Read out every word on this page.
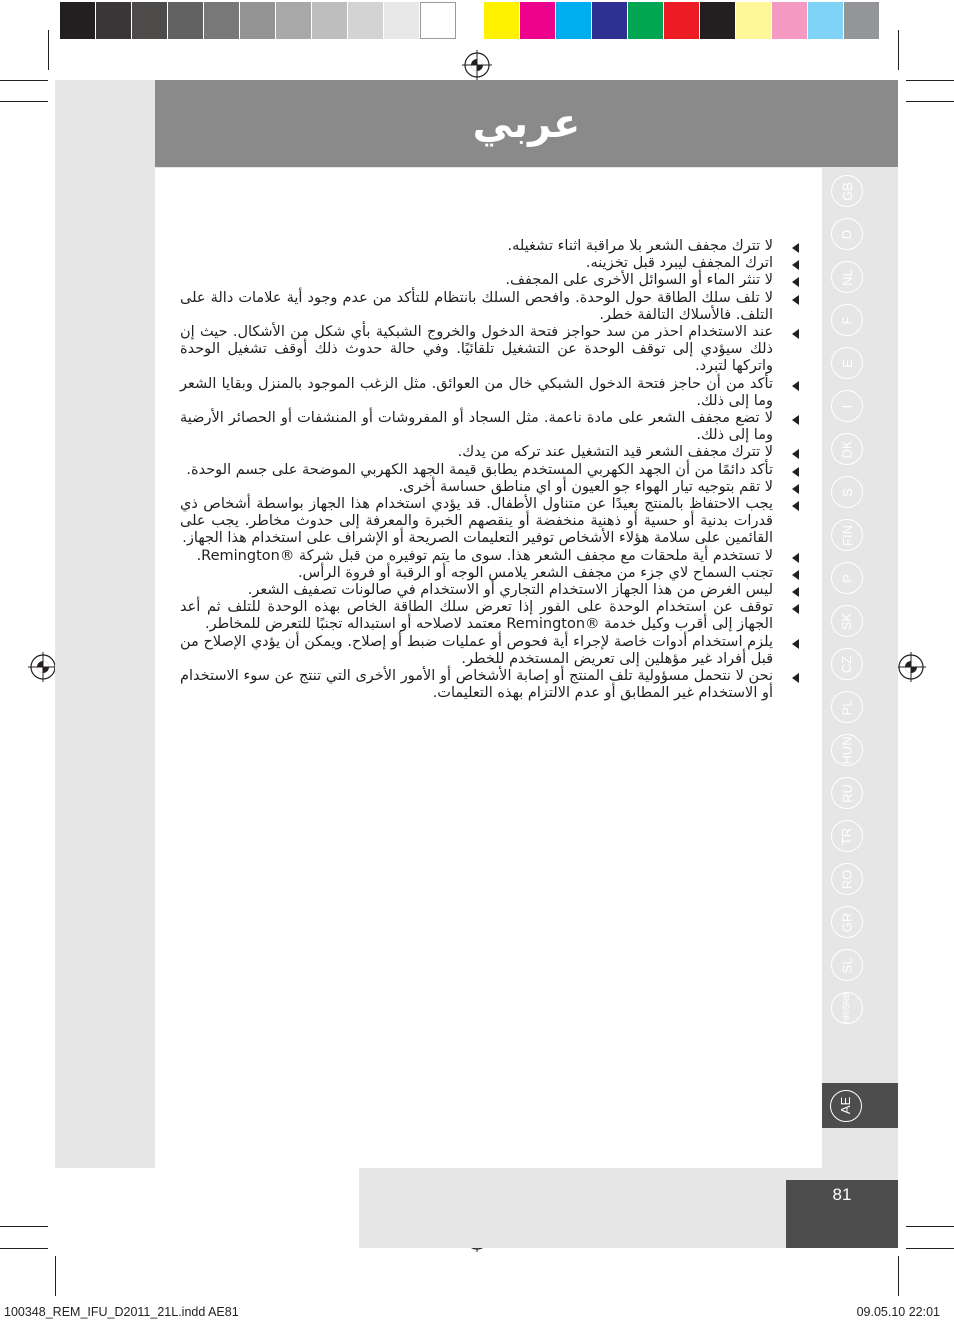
عربي
GB
D
NL
F
E
I
DK
S
FIN
P
SK
CZ
PL
HUN
RU
TR
RO
GR
SL
HR/SRB
AE
81
لا تترك مجفف الشعر بلا مراقبة اثناء تشغيله.
اترك المجفف ليبرد قبل تخزينه.
لا تنثر الماء أو السوائل الأخرى على المجفف.
لا تلف سلك الطاقة حول الوحدة. وافحص السلك بانتظام للتأكد من عدم وجود أية علامات دالة على التلف. فالأسلاك التالفة خطر.
عند الاستخدام احذر من سد حواجز فتحة الدخول والخروج الشبكية بأي شكل من الأشكال. حيث إن ذلك سيؤدي إلى توقف الوحدة عن التشغيل تلقائيًا. وفي حالة حدوث ذلك أوقف تشغيل الوحدة واتركها لتبرد.
تأكد من أن حاجز فتحة الدخول الشبكي خال من العوائق. مثل الزغب الموجود بالمنزل وبقايا الشعر وما إلى ذلك.
لا تضع مجفف الشعر على مادة ناعمة. مثل السجاد أو المفروشات أو المنشفات أو الحصائر الأرضية وما إلى ذلك.
لا تترك مجفف الشعر قيد التشغيل عند تركه من يدك.
تأكد دائمًا من أن الجهد الكهربي المستخدم يطابق قيمة الجهد الكهربي الموضحة على جسم الوحدة.
لا تقم بتوجيه تيار الهواء جو العيون أو اي مناطق حساسة أخرى.
يجب الاحتفاظ بالمنتج بعيدًا عن متناول الأطفال. قد يؤدي استخدام هذا الجهاز بواسطة أشخاص ذي قدرات بدنية أو حسية أو ذهنية منخفضة أو ينقصهم الخبرة والمعرفة إلى حدوث مخاطر. يجب على القائمين على سلامة هؤلاء الأشخاص توفير التعليمات الصريحة أو الإشراف على استخدام هذا الجهاز.
لا تستخدم أية ملحقات مع مجفف الشعر هذا. سوى ما يتم توفيره من قبل شركة ®Remington.
تجنب السماح لاي جزء من مجفف الشعر يلامس الوجه أو الرقبة أو فروة الرأس.
ليس الغرض من هذا الجهاز الاستخدام التجاري أو الاستخدام في صالونات تصفيف الشعر.
توقف عن استخدام الوحدة على الفور إذا تعرض سلك الطاقة الخاص بهذه الوحدة للتلف ثم أعد الجهاز إلى أقرب وكيل خدمة ®Remington معتمد لاصلاحه أو استبداله تجنبًا للتعرض للمخاطر.
يلزم استخدام أدوات خاصة لإجراء أية فحوص أو عمليات ضبط أو إصلاح. ويمكن أن يؤدي الإصلاح من قبل أفراد غير مؤهلين إلى تعريض المستخدم للخطر.
نحن لا نتحمل مسؤولية تلف المنتج أو إصابة الأشخاص أو الأمور الأخرى التي تنتج عن سوء الاستخدام أو الاستخدام غير المطابق أو عدم الالتزام بهذه التعليمات.
100348_REM_IFU_D2011_21L.indd AE81	09.05.10 22:01
